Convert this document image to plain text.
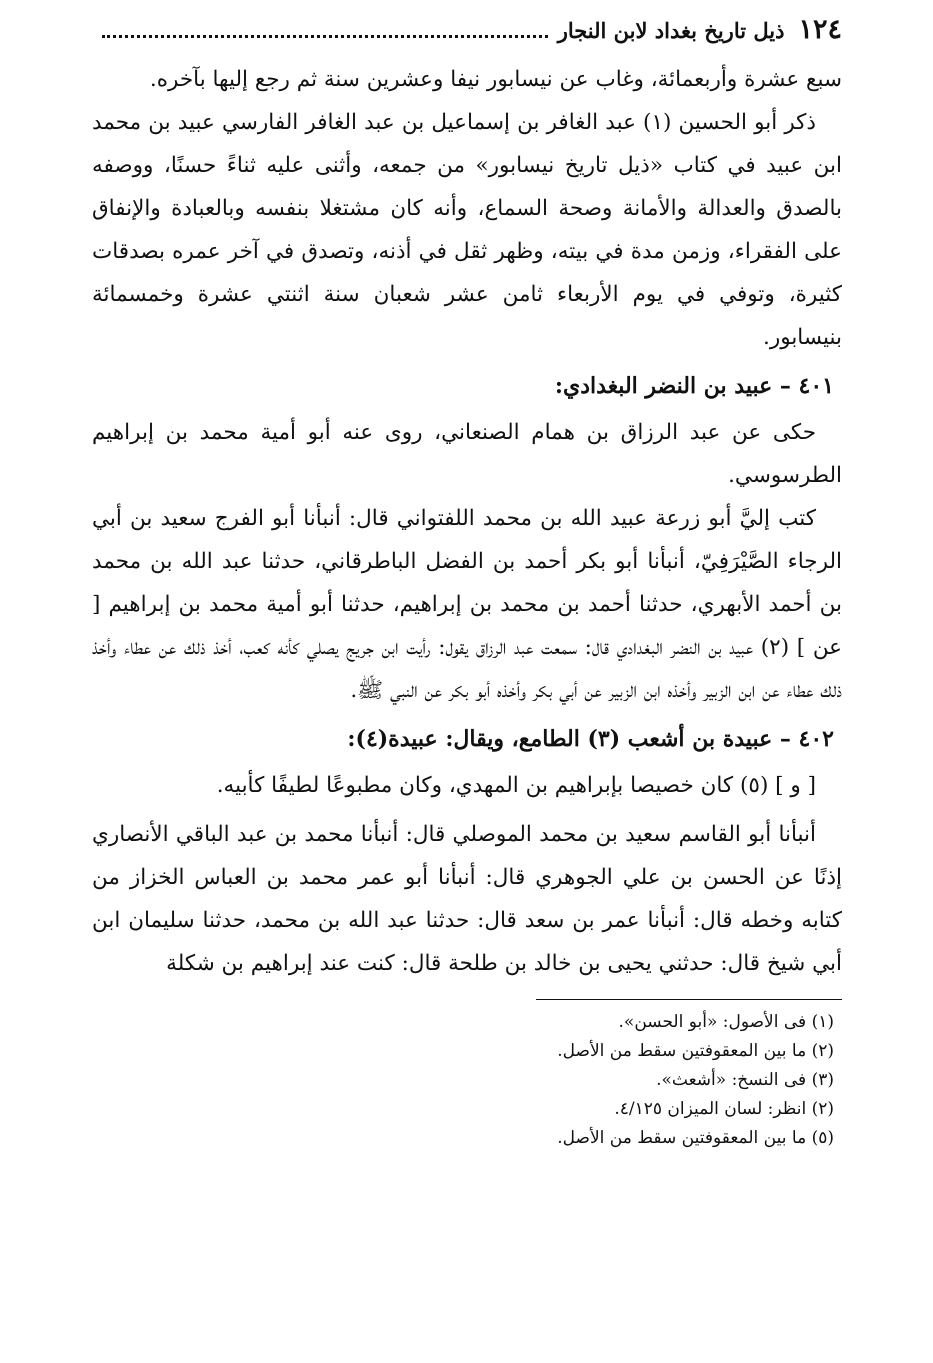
١٢٤
ذيل تاريخ بغداد لابن النجار

سبع عشرة وأربعمائة، وغاب عن نيسابور نيفا وعشرين سنة ثم رجع إليها بآخره.

ذكر أبو الحسين (١) عبد الغافر بن إسماعيل بن عبد الغافر الفارسي عبيد بن محمد ابن عبيد في كتاب «ذيل تاريخ نيسابور» من جمعه، وأثنى عليه ثناءً حسنًا، ووصفه بالصدق والعدالة والأمانة وصحة السماع، وأنه كان مشتغلا بنفسه وبالعبادة والإنفاق على الفقراء، وزمن مدة في بيته، وظهر ثقل في أذنه، وتصدق في آخر عمره بصدقات كثيرة، وتوفي في يوم الأربعاء ثامن عشر شعبان سنة اثنتي عشرة وخمسمائة بنيسابور.

٤٠١ – عبيد بن النضر البغدادي:

حكى عن عبد الرزاق بن همام الصنعاني، روى عنه أبو أمية محمد بن إبراهيم الطرسوسي.

كتب إليَّ أبو زرعة عبيد الله بن محمد اللفتواني قال: أنبأنا أبو الفرج سعيد بن أبي الرجاء الصَّيْرَفِيّ، أنبأنا أبو بكر أحمد بن الفضل الباطرقاني، حدثنا عبد الله بن محمد بن أحمد الأبهري، حدثنا أحمد بن محمد بن إبراهيم، حدثنا أبو أمية محمد بن إبراهيم [ عن ] (٢) عبيد بن النضر البغدادي قال: سمعت عبد الرزاق يقول: رأيت ابن جريج يصلي كأنه كعب، أخذ ذلك عن عطاء وأخذ ذلك عطاء عن ابن الزبير وأخذه ابن الزبير عن أبي بكر وأخذه أبو بكر عن النبي ﷺ.

٤٠٢ – عبيدة بن أشعب (٣) الطامع، ويقال: عبيدة(٤):

[ و ] (٥) كان خصيصا بإبراهيم بن المهدي، وكان مطبوعًا لطيفًا كأبيه.

أنبأنا أبو القاسم سعيد بن محمد الموصلي قال: أنبأنا محمد بن عبد الباقي الأنصاري إذنًا عن الحسن بن علي الجوهري قال: أنبأنا أبو عمر محمد بن العباس الخزاز من كتابه وخطه قال: أنبأنا عمر بن سعد قال: حدثنا عبد الله بن محمد، حدثنا سليمان ابن أبي شيخ قال: حدثني يحيى بن خالد بن طلحة قال: كنت عند إبراهيم بن شكلة

(١) فى الأصول: «أبو الحسن».
(٢) ما بين المعقوفتين سقط من الأصل.
(٣) فى النسخ: «أشعث».
(٢) انظر: لسان الميزان ٤/١٢٥.
(٥) ما بين المعقوفتين سقط من الأصل.
